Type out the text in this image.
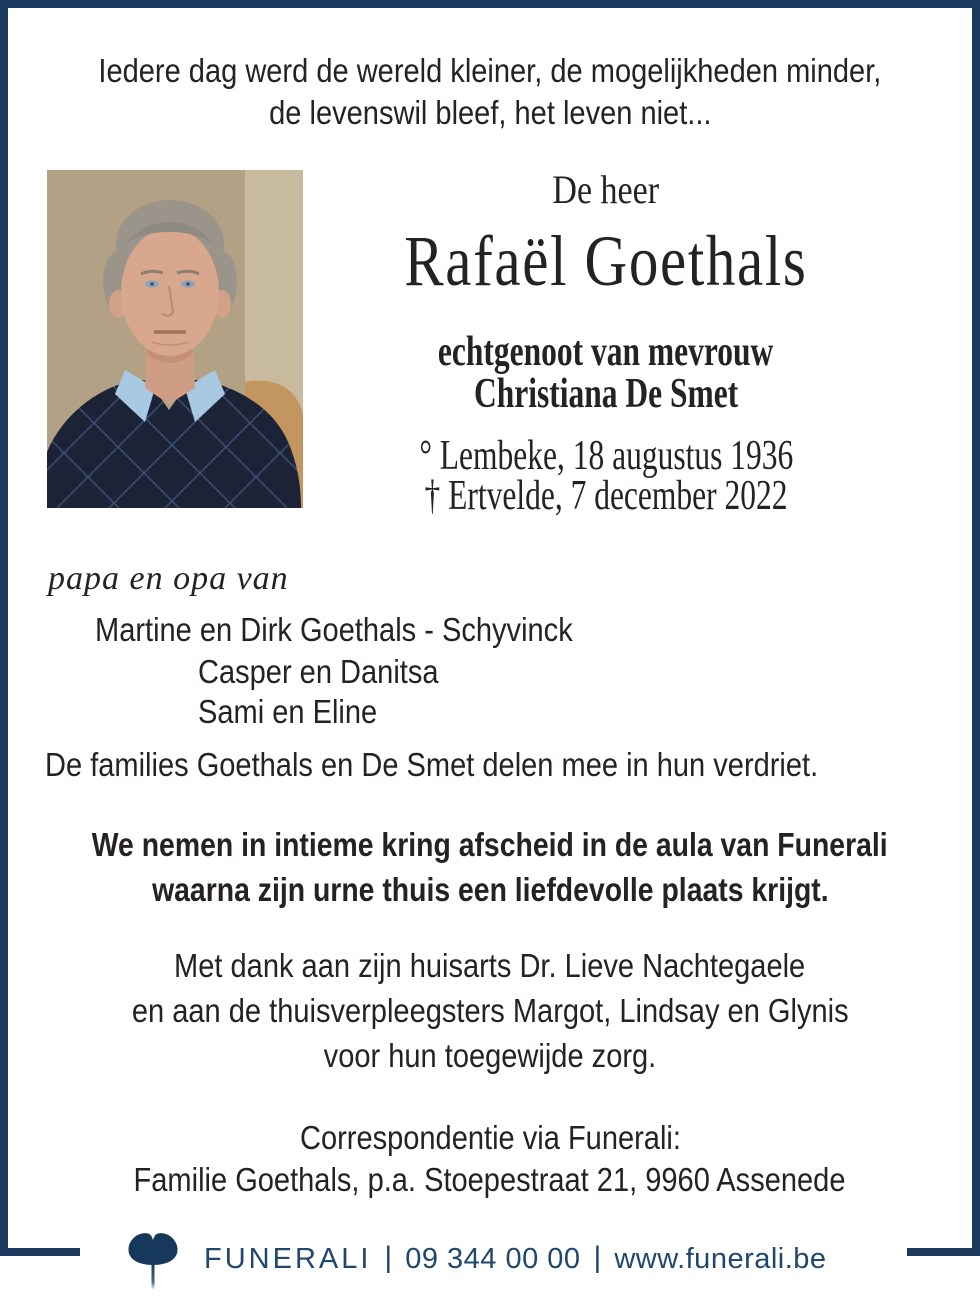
Iedere dag werd de wereld kleiner, de mogelijkheden minder,
de levenswil bleef, het leven niet...
De heer
Rafaël Goethals
echtgenoot van mevrouw
Christiana De Smet
° Lembeke, 18 augustus 1936
† Ertvelde, 7 december 2022
papa en opa van
Martine en Dirk Goethals - Schyvinck
Casper en Danitsa
Sami en Eline
De families Goethals en De Smet delen mee in hun verdriet.
We nemen in intieme kring afscheid in de aula van Funerali
waarna zijn urne thuis een liefdevolle plaats krijgt.
Met dank aan zijn huisarts Dr. Lieve Nachtegaele
en aan de thuisverpleegsters Margot, Lindsay en Glynis
voor hun toegewijde zorg.
Correspondentie via Funerali:
Familie Goethals, p.a. Stoepestraat 21, 9960 Assenede
FUNERALI | 09 344 00 00 | www.funerali.be
